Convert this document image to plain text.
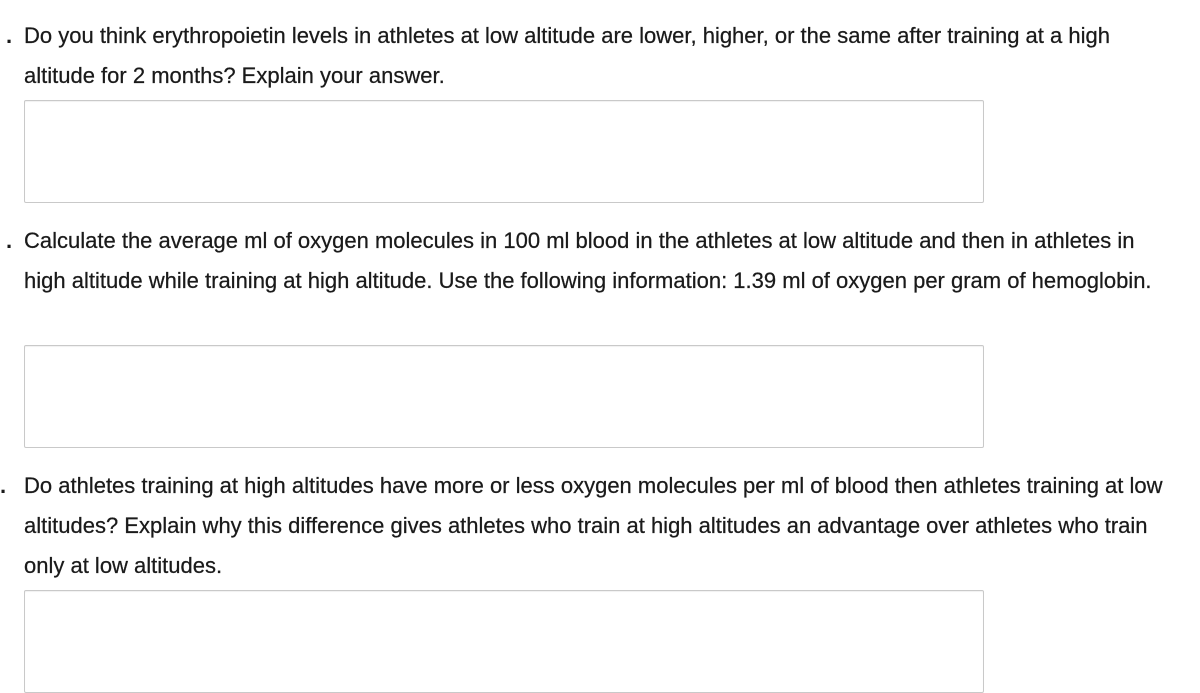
. Do you think erythropoietin levels in athletes at low altitude are lower, higher, or the same after training at a high altitude for 2 months? Explain your answer.
. Calculate the average ml of oxygen molecules in 100 ml blood in the athletes at low altitude and then in athletes in high altitude while training at high altitude. Use the following information: 1.39 ml of oxygen per gram of hemoglobin.
. Do athletes training at high altitudes have more or less oxygen molecules per ml of blood then athletes training at low altitudes? Explain why this difference gives athletes who train at high altitudes an advantage over athletes who train only at low altitudes.
